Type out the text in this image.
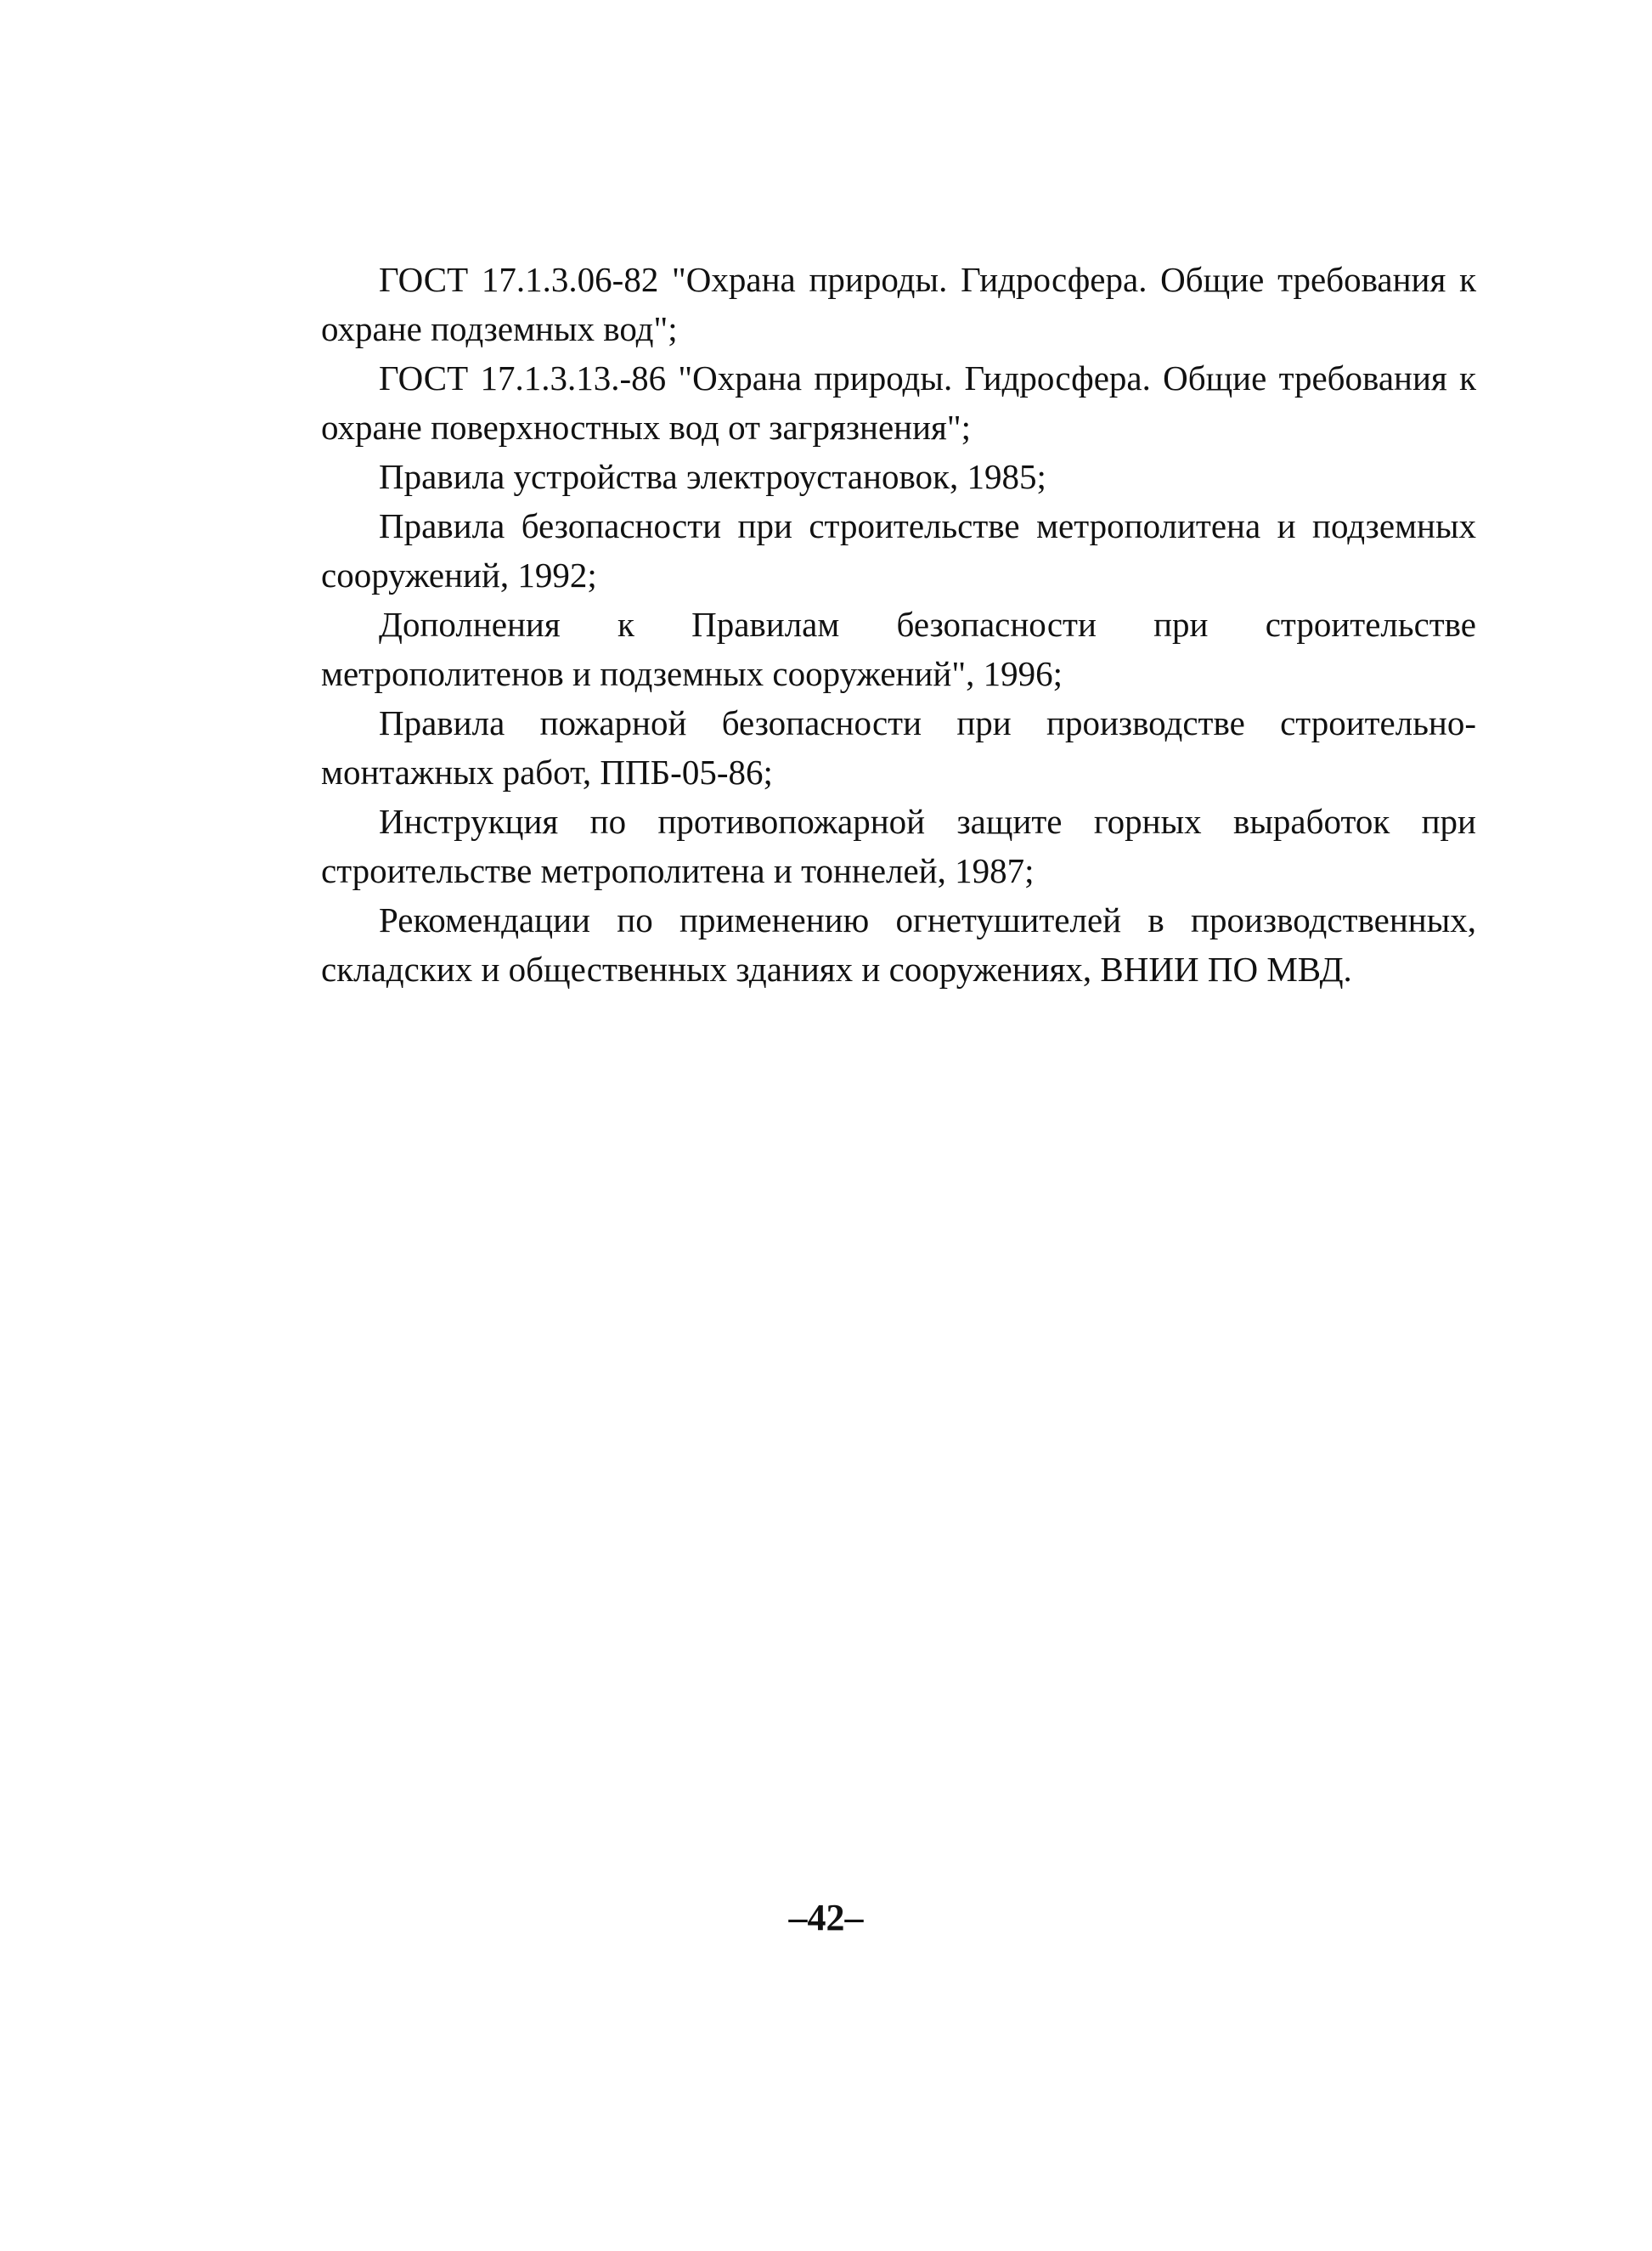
ГОСТ 17.1.3.06-82 "Охрана природы. Гидросфера. Общие требования к охране подземных вод";

ГОСТ 17.1.3.13.-86 "Охрана природы. Гидросфера. Общие требования к охране поверхностных вод от загрязнения";

Правила устройства электроустановок, 1985;

Правила безопасности при строительстве метрополитена и подземных сооружений, 1992;

Дополнения к Правилам безопасности при строительстве метрополитенов и подземных сооружений", 1996;

Правила пожарной безопасности при производстве строительно-монтажных работ, ППБ-05-86;

Инструкция по противопожарной защите горных выработок при строительстве метрополитена и тоннелей, 1987;

Рекомендации по применению огнетушителей в производственных, складских и общественных зданиях и сооружениях, ВНИИ ПО МВД.

–42–
